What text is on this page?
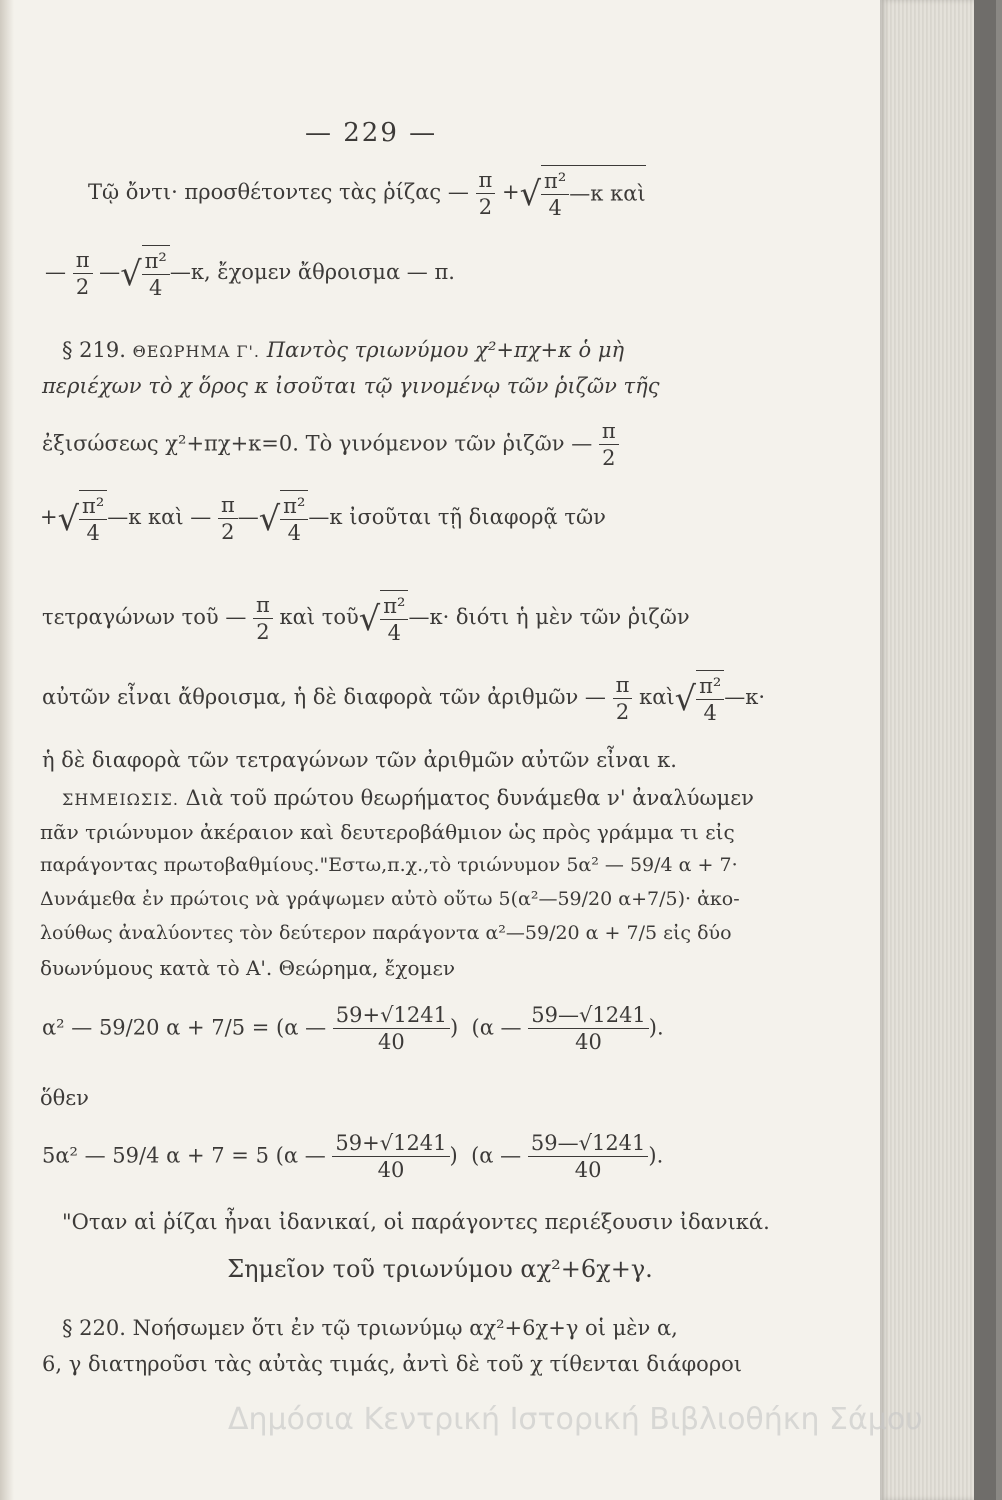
— 229 —
Τῷ ὄντι· προσθέτοντες τὰς ῥίζας — $\frac{\pi}{2}$ +√ $\frac{\text{π²}}{4}$ —κ καὶ
— $\frac{\pi}{2}$ —√ $\frac{\text{π²}}{4}$ —κ, ἔχομεν ἄθροισμα — π.
§ 219. ΘΕΩΡΗΜΑ Γ'. Παντὸς τριωνύμου χ²+πχ+κ ὁ μὴ
περιέχων τὸ χ ὅρος κ ἰσοῦται τῷ γινομένῳ τῶν ῥιζῶν τῆς
ἐξισώσεως χ²+πχ+κ=0. Τὸ γινόμενον τῶν ῥιζῶν — $\frac{\pi}{2}$
+√ $\frac{\text{π²}}{4}$ —κ καὶ — $\frac{\pi}{2}$ —√ $\frac{\text{π²}}{4}$ —κ ἰσοῦται τῇ διαφορᾷ τῶν
τετραγώνων τοῦ — $\frac{\pi}{2}$ καὶ τοῦ√ $\frac{\text{π²}}{4}$ —κ· διότι ἡ μὲν τῶν ῥιζῶν
αὐτῶν εἶναι ἄθροισμα, ἡ δὲ διαφορὰ τῶν ἀριθμῶν — $\frac{\pi}{2}$ καὶ√ $\frac{\text{π²}}{4}$ —κ·
ἡ δὲ διαφορὰ τῶν τετραγώνων τῶν ἀριθμῶν αὐτῶν εἶναι κ.
ΣΗΜΕΙΩΣΙΣ. Διὰ τοῦ πρώτου θεωρήματος δυνάμεθα ν' ἀναλύωμεν
πᾶν τριώνυμον ἀκέραιον καὶ δευτεροβάθμιον ὡς πρὸς γράμμα τι εἰς
παράγοντας πρωτοβαθμίους."Εστω,π.χ.,τὸ τριώνυμον 5α² — 59/4 α + 7·
Δυνάμεθα ἐν πρώτοις νὰ γράψωμεν αὐτὸ οὕτω 5(α²—59/20 α+7/5)· ἀκο-
λούθως ἀναλύοντες τὸν δεύτερον παράγοντα α²—59/20 α + 7/5 εἰς δύο
δυωνύμους κατὰ τὸ Α'. Θεώρημα, ἔχομεν
α² — 59/20 α + 7/5 = (α — $\frac{59+√1241}{40}$ ) (α — $\frac{59—√1241}{40}$ ).
ὅθεν
5α² — 59/4 α + 7 = 5 (α — $\frac{59+√1241}{40}$ ) (α — $\frac{59—√1241}{40}$ ).
"Οταν αἱ ῥίζαι ἦναι ἰδανικαί, οἱ παράγοντες περιέξουσιν ἰδανικά.
Σημεῖον τοῦ τριωνύμου αχ²+6χ+γ.
§ 220. Νοήσωμεν ὅτι ἐν τῷ τριωνύμῳ αχ²+6χ+γ οἱ μὲν α,
6, γ διατηροῦσι τὰς αὐτὰς τιμάς, ἀντὶ δὲ τοῦ χ τίθενται διάφοροι
Δημόσια Κεντρική Ιστορική Βιβλιοθήκη Σάμου
